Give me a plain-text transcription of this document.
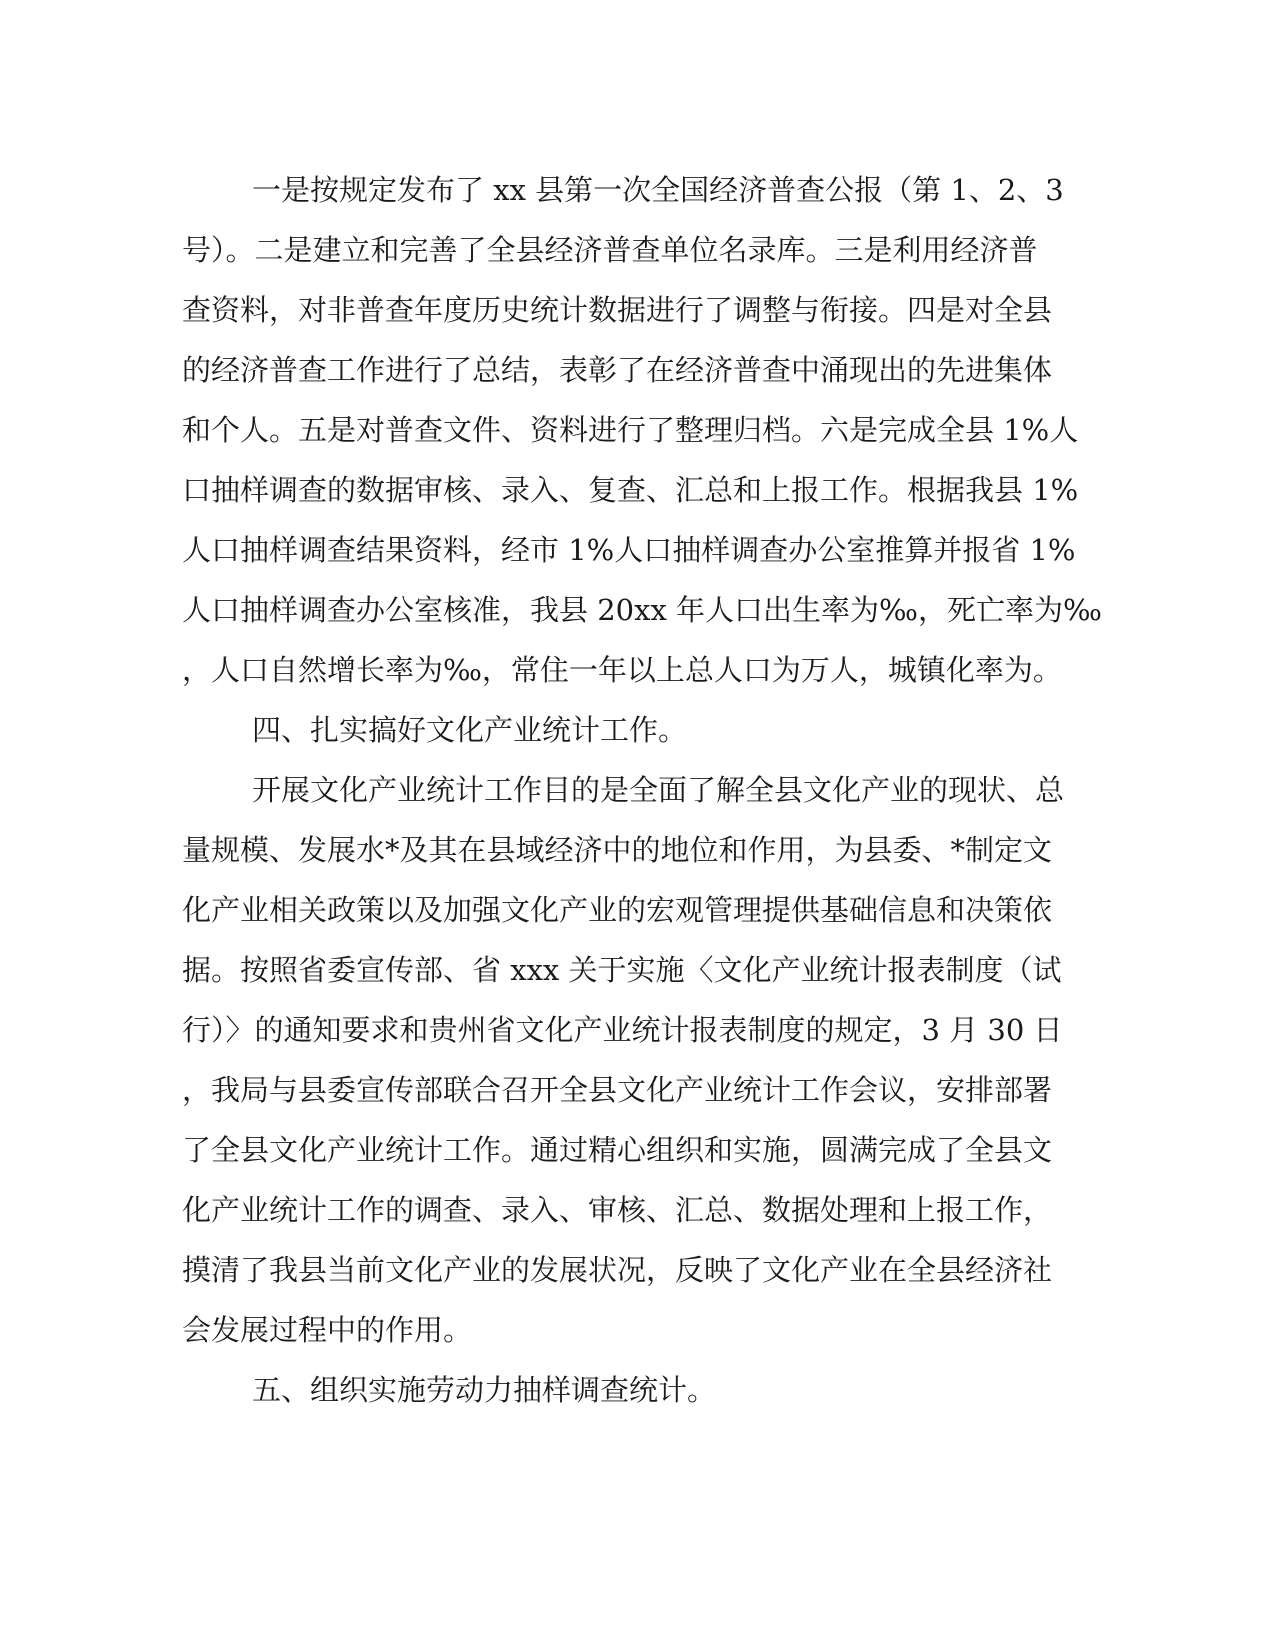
一是按规定发布了 xx 县第一次全国经济普查公报（第 1、2、3
号）。二是建立和完善了全县经济普查单位名录库。三是利用经济普
查资料，对非普查年度历史统计数据进行了调整与衔接。四是对全县
的经济普查工作进行了总结，表彰了在经济普查中涌现出的先进集体
和个人。五是对普查文件、资料进行了整理归档。六是完成全县 1%人
口抽样调查的数据审核、录入、复查、汇总和上报工作。根据我县 1%
人口抽样调查结果资料，经市 1%人口抽样调查办公室推算并报省 1%
人口抽样调查办公室核准，我县 20xx 年人口出生率为‰，死亡率为‰
，人口自然增长率为‰，常住一年以上总人口为万人，城镇化率为。
四、扎实搞好文化产业统计工作。
开展文化产业统计工作目的是全面了解全县文化产业的现状、总
量规模、发展水*及其在县域经济中的地位和作用，为县委、*制定文
化产业相关政策以及加强文化产业的宏观管理提供基础信息和决策依
据。按照省委宣传部、省 xxx 关于实施〈文化产业统计报表制度（试
行）〉的通知要求和贵州省文化产业统计报表制度的规定，3 月 30 日
，我局与县委宣传部联合召开全县文化产业统计工作会议，安排部署
了全县文化产业统计工作。通过精心组织和实施，圆满完成了全县文
化产业统计工作的调查、录入、审核、汇总、数据处理和上报工作，
摸清了我县当前文化产业的发展状况，反映了文化产业在全县经济社
会发展过程中的作用。
五、组织实施劳动力抽样调查统计。
